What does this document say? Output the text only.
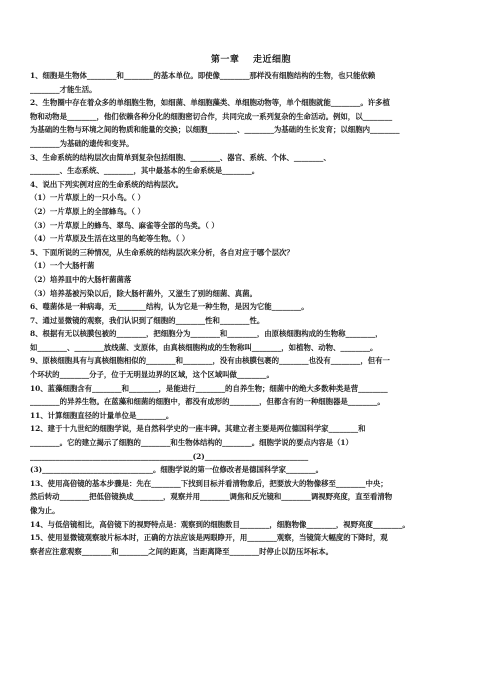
第一章 走近细胞
1、细胞是生物体________和________的基本单位。即使像________那样没有细胞结构的生物，也只能依赖
________才能生活。
2、生物圈中存在着众多的单细胞生物，如细菌、单细胞藻类、单细胞动物等，单个细胞就能________。许多植
物和动物是________，他们依赖各种分化的细胞密切合作，共同完成一系列复杂的生命活动。例如，以________
为基础的生物与环境之间的物质和能量的交换；以细胞________、________为基础的生长发育；以细胞内________
________为基础的遗传和变异。
3、生命系统的结构层次由简单到复杂包括细胞、________、器官、系统、个体、________、
________、生态系统、________，其中最基本的生命系统是________。
4、说出下列实例对应的生命系统的结构层次。
（1）一片草原上的一只小鸟。（ ）
（2）一片草原上的全部蜂鸟。（ ）
（3）一片草原上的蜂鸟、翠鸟、麻雀等全部的鸟类。（ ）
（4）一片草原及生活在这里的鸟蛇等生物。（ ）
5、下面所说的三种情况，从生命系统的结构层次来分析，各自对应于哪个层次？
（1）一个大肠杆菌
（2）培养皿中的大肠杆菌菌落
（3）培养基被污染以后，除大肠杆菌外，又滋生了别的细菌、真菌。
6、噬菌体是一种病毒，无________结构，认为它是一种生物，是因为它能________。
7、通过显微镜的观察，我们认识到了细胞的________性和________性。
8、根据有无以核膜包被的________，把细胞分为________和________，由原核细胞构成的生物称________，
如________、________放线菌、支原体，由真核细胞构成的生物称叫________，如植物、动物、________。
9、原核细胞具有与真核细胞相似的________和________，没有由核膜包裹的________也没有________，但有一
个环状的________分子，位于无明显边界的区域，这个区域叫做________。
10、蓝藻细胞含有________和________，是能进行________的自养生物；细菌中的绝大多数种类是营________
________的异养生物。在蓝藻和细菌的细胞中，都没有成形的________，但都含有的一种细胞器是________。
11、计算细胞直径的计量单位是________。
12、建于十九世纪的细胞学说，是自然科学史的一座丰碑。其建立者主要是两位德国科学家________和
________。它的建立揭示了细胞的________和生物体结构的________。细胞学说的要点内容是（1）
____________________________________________(2)____________________________
(3)______________________________。细胞学说的第一位修改者是德国科学家________。
13、使用高倍镜的基本步骤是：先在________下找到目标并看清物象后，把要放大的物像移至________中央；
然后转动________把低倍镜换成________，观察并用________调焦和反光镜和________调视野亮度，直至看清物
像为止。
14、与低倍镜相比，高倍镜下的视野特点是：观察到的细胞数目________，细胞物像________，视野亮度________。
15、使用显微镜观察玻片标本时，正确的方法应该是两眼睁开，用________观察，当镜筒大幅度的下降时，观
察者应注意观察________和________之间的距离，当距离降至________时停止以防压坏标本。
